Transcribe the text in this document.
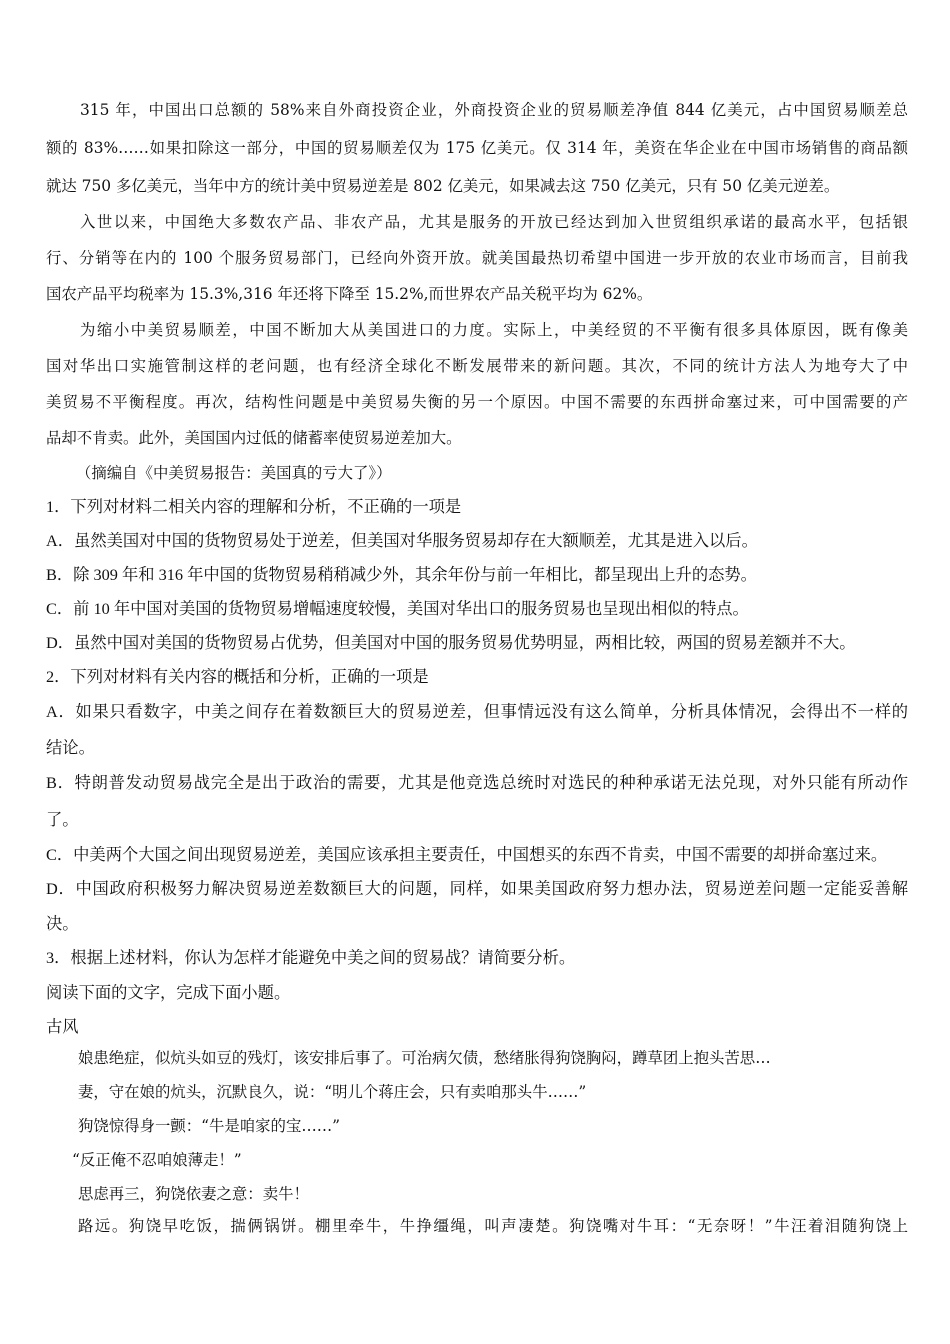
315 年，中国出口总额的 58%来自外商投资企业，外商投资企业的贸易顺差净值 844 亿美元，占中国贸易顺差总
额的 83%……如果扣除这一部分，中国的贸易顺差仅为 175 亿美元。仅 314 年，美资在华企业在中国市场销售的商品额
就达 750 多亿美元，当年中方的统计美中贸易逆差是 802 亿美元，如果减去这 750 亿美元，只有 50 亿美元逆差。
入世以来，中国绝大多数农产品、非农产品，尤其是服务的开放已经达到加入世贸组织承诺的最高水平，包括银
行、分销等在内的 100 个服务贸易部门，已经向外资开放。就美国最热切希望中国进一步开放的农业市场而言，目前我
国农产品平均税率为 15.3%,316 年还将下降至 15.2%,而世界农产品关税平均为 62%。
为缩小中美贸易顺差，中国不断加大从美国进口的力度。实际上，中美经贸的不平衡有很多具体原因，既有像美
国对华出口实施管制这样的老问题，也有经济全球化不断发展带来的新问题。其次，不同的统计方法人为地夸大了中
美贸易不平衡程度。再次，结构性问题是中美贸易失衡的另一个原因。中国不需要的东西拼命塞过来，可中国需要的产
品却不肯卖。此外，美国国内过低的储蓄率使贸易逆差加大。
（摘编自《中美贸易报告：美国真的亏大了》）
1．下列对材料二相关内容的理解和分析，不正确的一项是
A．虽然美国对中国的货物贸易处于逆差，但美国对华服务贸易却存在大额顺差，尤其是进入以后。
B．除 309 年和 316 年中国的货物贸易稍稍减少外，其余年份与前一年相比，都呈现出上升的态势。
C．前 10 年中国对美国的货物贸易增幅速度较慢，美国对华出口的服务贸易也呈现出相似的特点。
D．虽然中国对美国的货物贸易占优势，但美国对中国的服务贸易优势明显，两相比较，两国的贸易差额并不大。
2．下列对材料有关内容的概括和分析，正确的一项是
A．如果只看数字，中美之间存在着数额巨大的贸易逆差，但事情远没有这么简单，分析具体情况，会得出不一样的
结论。
B．特朗普发动贸易战完全是出于政治的需要，尤其是他竞选总统时对选民的种种承诺无法兑现，对外只能有所动作
了。
C．中美两个大国之间出现贸易逆差，美国应该承担主要责任，中国想买的东西不肯卖，中国不需要的却拼命塞过来。
D．中国政府积极努力解决贸易逆差数额巨大的问题，同样，如果美国政府努力想办法，贸易逆差问题一定能妥善解
决。
3．根据上述材料，你认为怎样才能避免中美之间的贸易战？请简要分析。
阅读下面的文字，完成下面小题。
古风
娘患绝症，似炕头如豆的残灯，该安排后事了。可治病欠债，愁绪胀得狗饶胸闷，蹲草团上抱头苦思…
妻，守在娘的炕头，沉默良久，说：“明儿个蒋庄会，只有卖咱那头牛……”
狗饶惊得身一颤：“牛是咱家的宝……”
“反正俺不忍咱娘薄走！”
思虑再三，狗饶依妻之意：卖牛！
路远。狗饶早吃饭，揣俩锅饼。棚里牵牛，牛挣缰绳，叫声凄楚。狗饶嘴对牛耳：“无奈呀！”牛汪着泪随狗饶上
